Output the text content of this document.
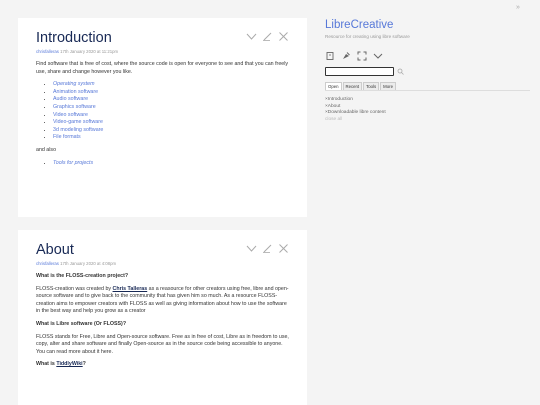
»
Introduction
chrisfalleras 17th January 2020 at 11:21pm

Find software that is free of cost, where the source code is open for everyone to see and that you can freely use, share and change however you like.

• Operating system
• Animation software
• Audio software
• Graphics software
• Video software
• Video-game software
• 3d modeling software
• File formats

and also

• Tools for projects
About
chrisfalleras 17th January 2020 at 4:08pm

What is the FLOSS-creation project?

FLOSS-creation was created by Chris Talleras as a reasource for other creators using free, libre and open-source software and to give back to the community that has given him so much. As a resource FLOSS-creation aims to empower creators with FLOSS as well as giving information about how to use the software in the best way and help you grow as a creator

What is Libre software (Or FLOSS)?

FLOSS stands for Free, Libre and Open-source software. Free as in free of cost, Libre as in freedom to use, copy, alter and share software and finally Open-source as in the source code being accessible to anyone. You can read more about it here.

What is TiddlyWiki?

LibreCreative
Resource for creating using libre software
Open	Recent	Tools	More
×Introduction
×About
×Downloadable libre content
close all
